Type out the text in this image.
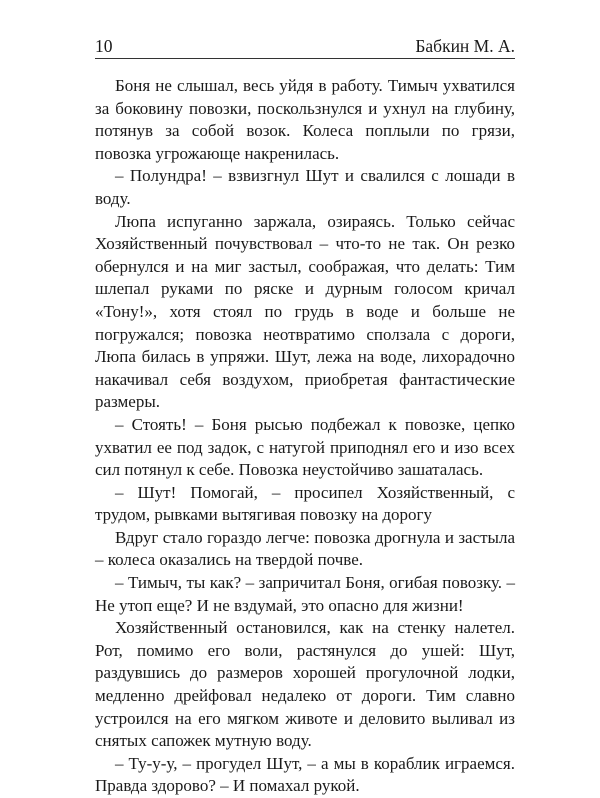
10	Бабкин М. А.

Боня не слышал, весь уйдя в работу. Тимыч ухватился за боковину повозки, поскользнулся и ухнул на глубину, потянув за собой возок. Колеса поплыли по грязи, повозка угрожающе накренилась.

– Полундра! – взвизгнул Шут и свалился с лошади в воду.

Люпа испуганно заржала, озираясь. Только сейчас Хозяйственный почувствовал – что-то не так. Он резко обернулся и на миг застыл, соображая, что делать: Тим шлепал руками по ряске и дурным голосом кричал «Тону!», хотя стоял по грудь в воде и больше не погружался; повозка неотвратимо сползала с дороги, Люпа билась в упряжи. Шут, лежа на воде, лихорадочно накачивал себя воздухом, приобретая фантастические размеры.

– Стоять! – Боня рысью подбежал к повозке, цепко ухватил ее под задок, с натугой приподнял его и изо всех сил потянул к себе. Повозка неустойчиво зашаталась.

– Шут! Помогай, – просипел Хозяйственный, с трудом, рывками вытягивая повозку на дорогу

Вдруг стало гораздо легче: повозка дрогнула и застыла – колеса оказались на твердой почве.

– Тимыч, ты как? – запричитал Боня, огибая повозку. – Не утоп еще? И не вздумай, это опасно для жизни!

Хозяйственный остановился, как на стенку налетел. Рот, помимо его воли, растянулся до ушей: Шут, раздувшись до размеров хорошей прогулочной лодки, медленно дрейфовал недалеко от дороги. Тим славно устроился на его мягком животе и деловито выливал из снятых сапожек мутную воду.

– Ту-у-у, – прогудел Шут, – а мы в кораблик играемся. Правда здорово? – И помахал рукой.
